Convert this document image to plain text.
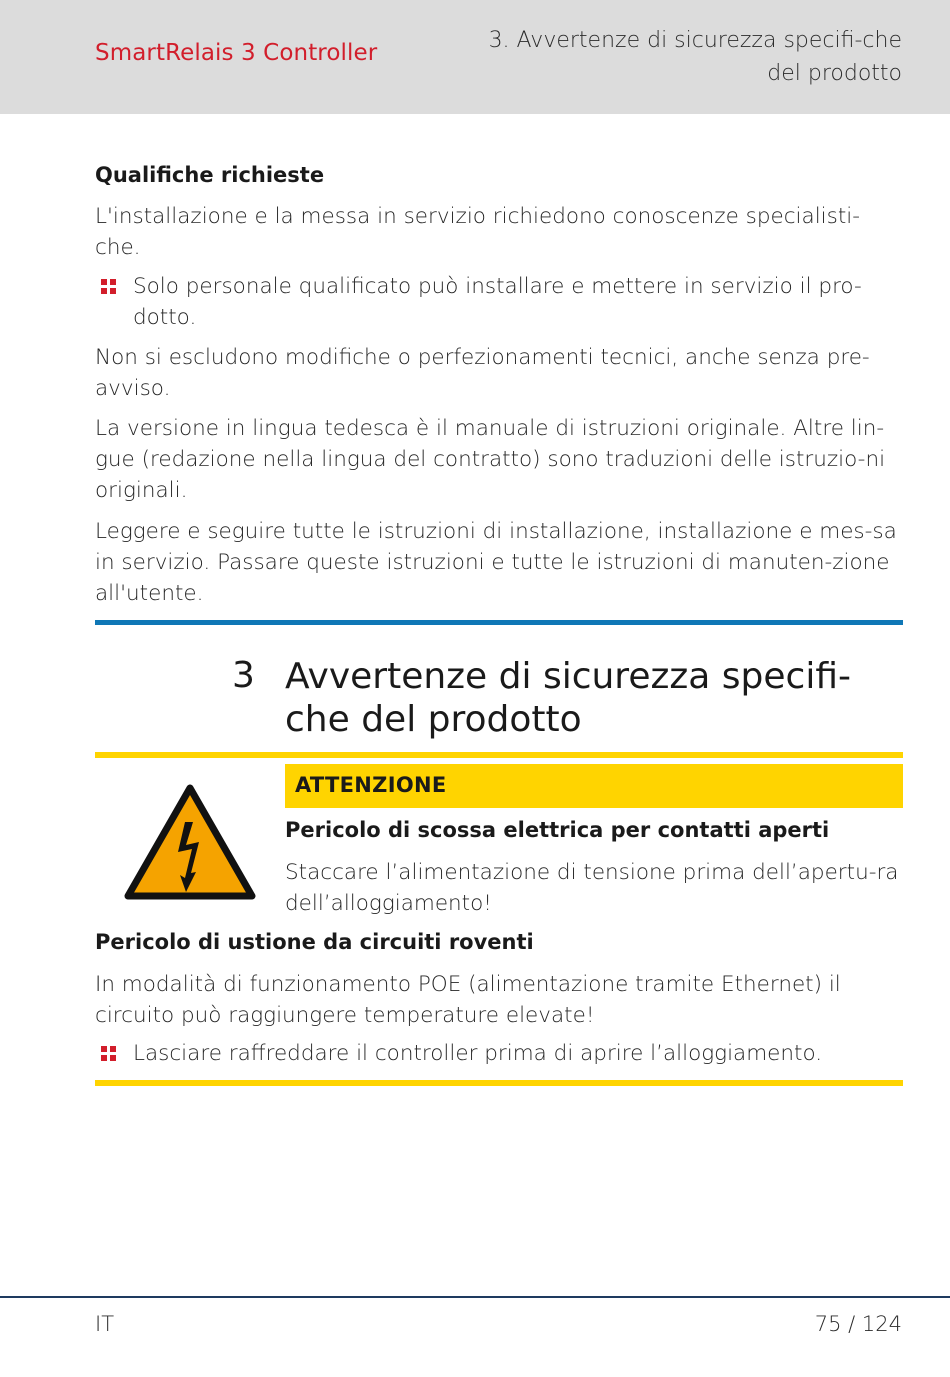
SmartRelais 3 Controller	3. Avvertenze di sicurezza specifi-che del prodotto
Qualifiche richieste
L'installazione e la messa in servizio richiedono conoscenze specialisti-che.
Solo personale qualificato può installare e mettere in servizio il pro-dotto.
Non si escludono modifiche o perfezionamenti tecnici, anche senza pre-avviso.
La versione in lingua tedesca è il manuale di istruzioni originale. Altre lin-gue (redazione nella lingua del contratto) sono traduzioni delle istruzio-ni originali.
Leggere e seguire tutte le istruzioni di installazione, installazione e mes-sa in servizio. Passare queste istruzioni e tutte le istruzioni di manuten-zione all'utente.
3 Avvertenze di sicurezza specifi-che del prodotto
ATTENZIONE
Pericolo di scossa elettrica per contatti aperti
Staccare l’alimentazione di tensione prima dell’apertu-ra dell’alloggiamento!
Pericolo di ustione da circuiti roventi
In modalità di funzionamento POE (alimentazione tramite Ethernet) il circuito può raggiungere temperature elevate!
Lasciare raffreddare il controller prima di aprire l’alloggiamento.
IT	75 / 124
